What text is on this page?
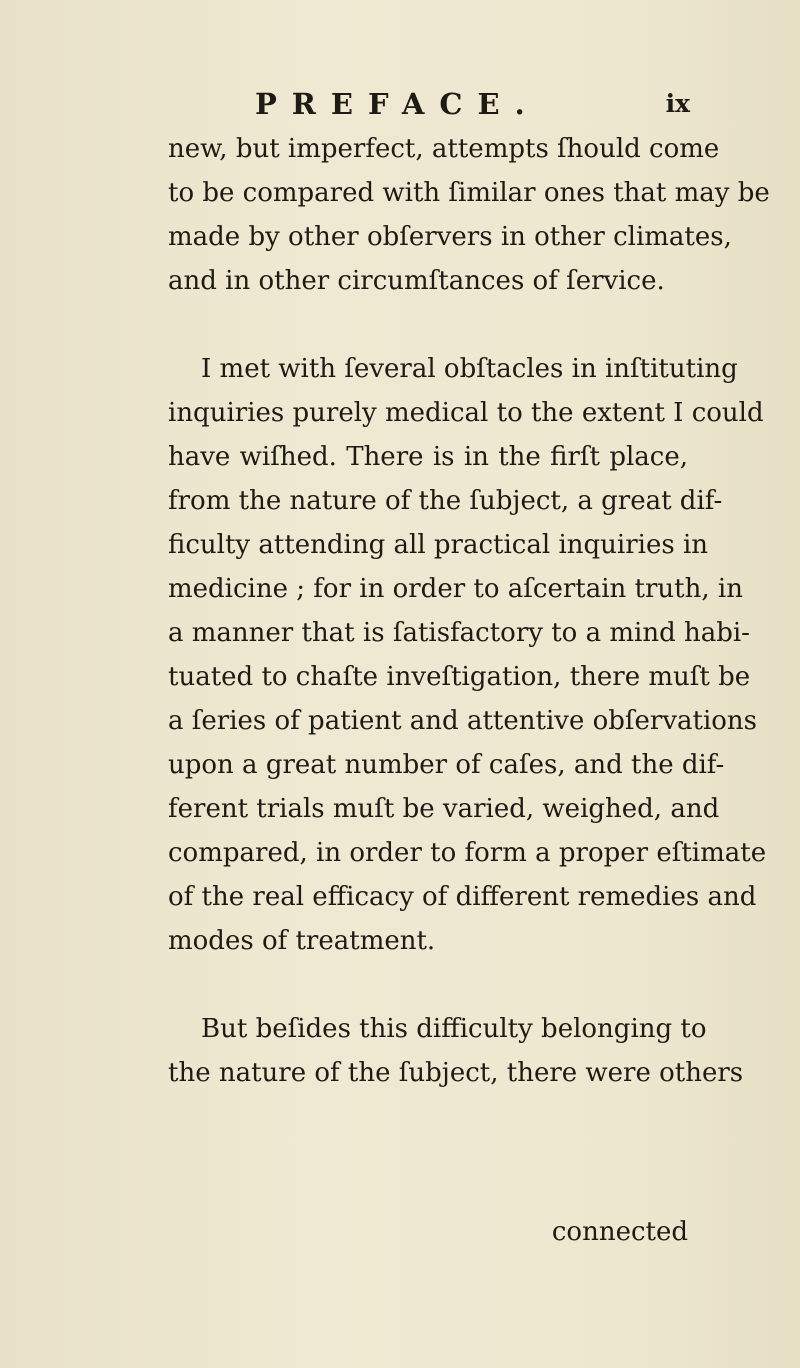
PREFACE.	ix
new, but imperfect, attempts ſhould come
to be compared with ſimilar ones that may be
made by other obſervers in other climates,
and in other circumſtances of ſervice.
I met with ſeveral obſtacles in inſtituting
inquiries purely medical to the extent I could
have wiſhed. There is in the firſt place,
from the nature of the ſubject, a great dif-
ficulty attending all practical inquiries in
medicine ; for in order to aſcertain truth, in
a manner that is ſatisfactory to a mind habi-
tuated to chaſte inveſtigation, there muſt be
a ſeries of patient and attentive obſervations
upon a great number of caſes, and the dif-
ferent trials muſt be varied, weighed, and
compared, in order to form a proper eſtimate
of the real efficacy of different remedies and
modes of treatment.
But beſides this difficulty belonging to
the nature of the ſubject, there were others
connected
